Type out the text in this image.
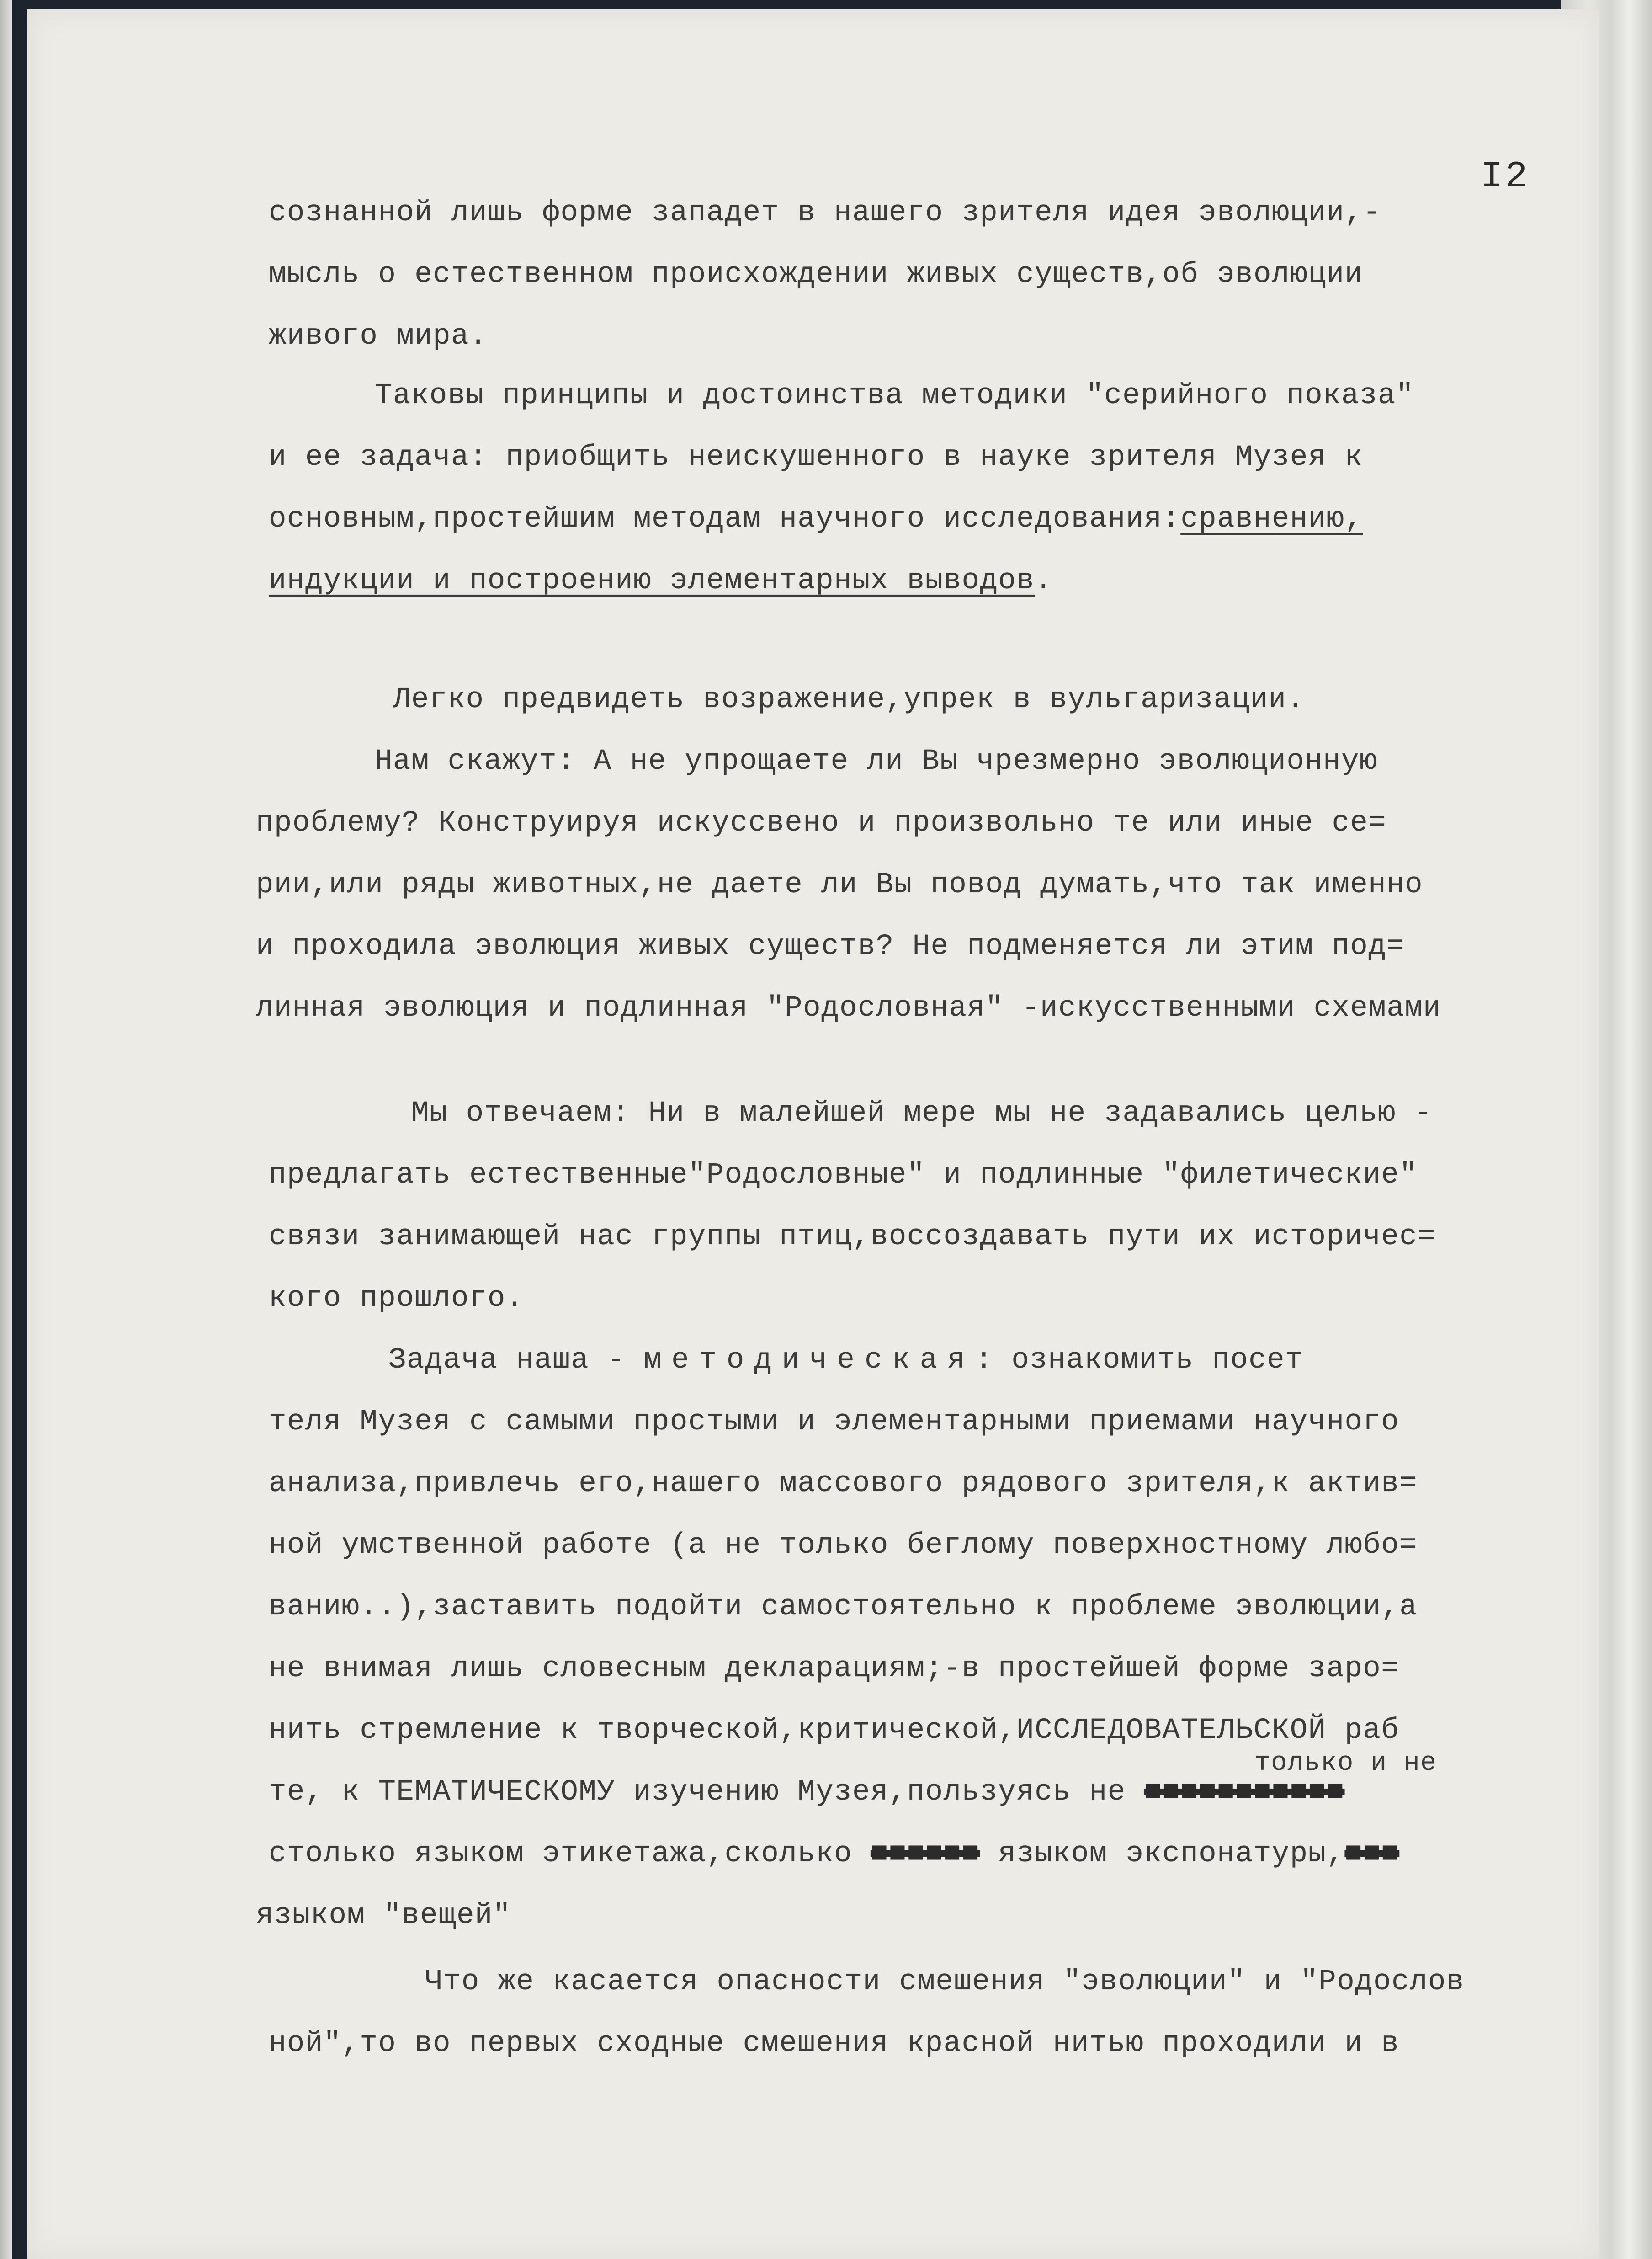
I2
сознанной лишь форме западет в нашего зрителя идея эволюции,-
мысль о естественном происхождении живых существ,об эволюции
живого мира.
Таковы принципы и достоинства методики "серийного показа"
и ее задача: приобщить неискушенного в науке зрителя Музея к
основным,простейшим методам научного исследования:сравнению,
индукции и построению элементарных выводов.
Легко предвидеть возражение,упрек в вульгаризации.
Нам скажут: А не упрощаете ли Вы чрезмерно эволюционную
проблему? Конструируя искуссвено и произвольно те или иные се=
рии,или ряды животных,не даете ли Вы повод думать,что так именно
и проходила эволюция живых существ? Не подменяется ли этим под=
линная эволюция и подлинная "Родословная" -искусственными схемами
Мы отвечаем: Ни в малейшей мере мы не задавались целью -
предлагать естественные"Родословные" и подлинные "филетические"
связи занимающей нас группы птиц,воссоздавать пути их историчес=
кого прошлого.
Задача наша - методическая: ознакомить посет
теля Музея с самыми простыми и элементарными приемами научного
анализа,привлечь его,нашего массового рядового зрителя,к актив=
ной умственной работе (а не только беглому поверхностному любо=
ванию..),заставить подойти самостоятельно к проблеме эволюции,а
не внимая лишь словесным декларациям;-в простейшей форме зaро=
нить стремление к творческой,критической,ИССЛЕДОВАТЕЛЬСКОЙ раб
только и не
те, к ТЕМАТИЧЕСКОМУ изучению Музея,пользуясь не ■■■■■■■■■■■
столько языком этикетажа,сколько ■■■■■■ языком экспонатуры,■■■
языком "вещей"
Что же касается опасности смешения "эволюции" и "Родослов
ной",то во первых сходные смешения красной нитью проходили и в
